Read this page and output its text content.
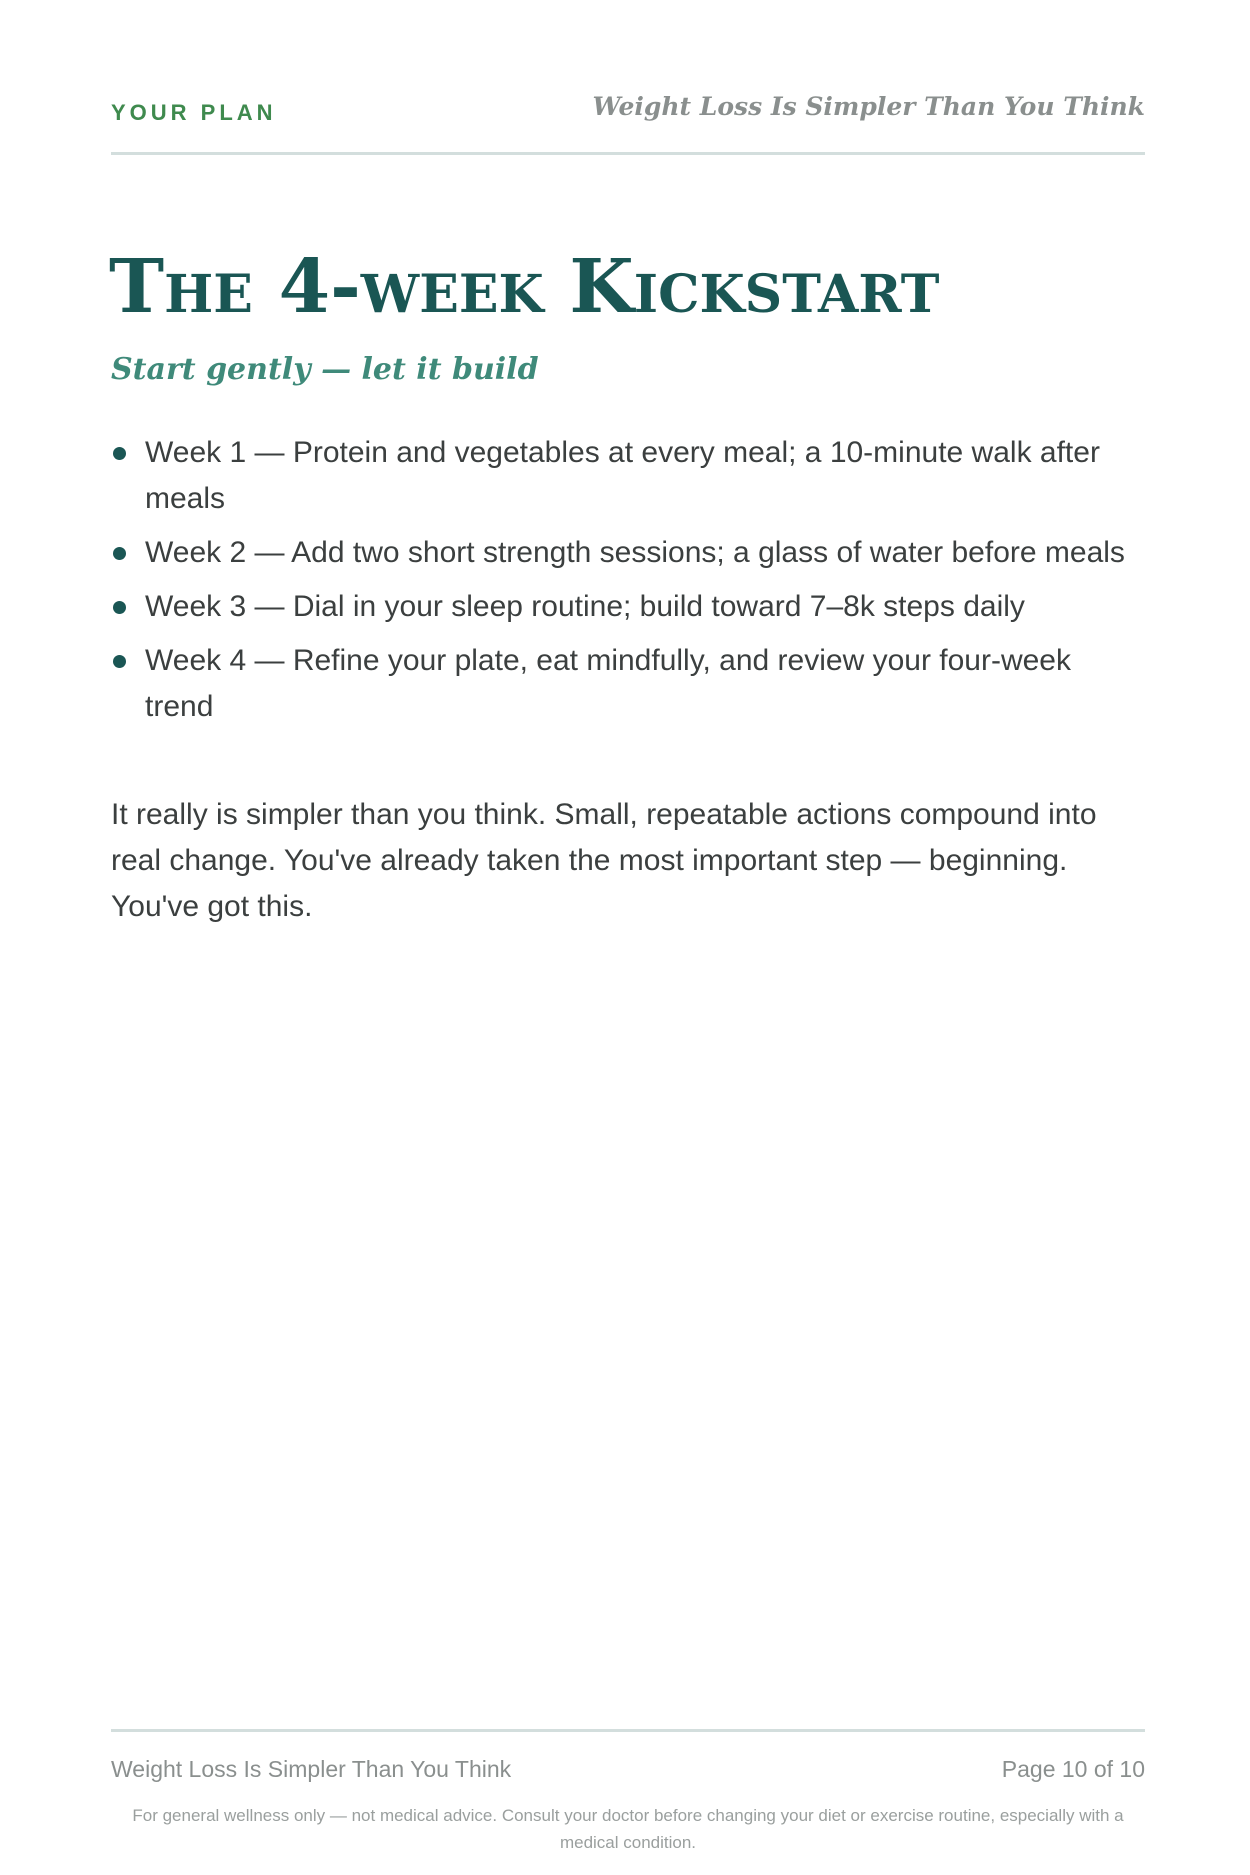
YOUR PLAN	Weight Loss Is Simpler Than You Think
The 4-week Kickstart
Start gently — let it build
Week 1 — Protein and vegetables at every meal; a 10-minute walk after meals
Week 2 — Add two short strength sessions; a glass of water before meals
Week 3 — Dial in your sleep routine; build toward 7–8k steps daily
Week 4 — Refine your plate, eat mindfully, and review your four-week trend

It really is simpler than you think. Small, repeatable actions compound into real change. You've already taken the most important step — beginning. You've got this.

Weight Loss Is Simpler Than You Think	Page 10 of 10
For general wellness only — not medical advice. Consult your doctor before changing your diet or exercise routine, especially with a medical condition.
